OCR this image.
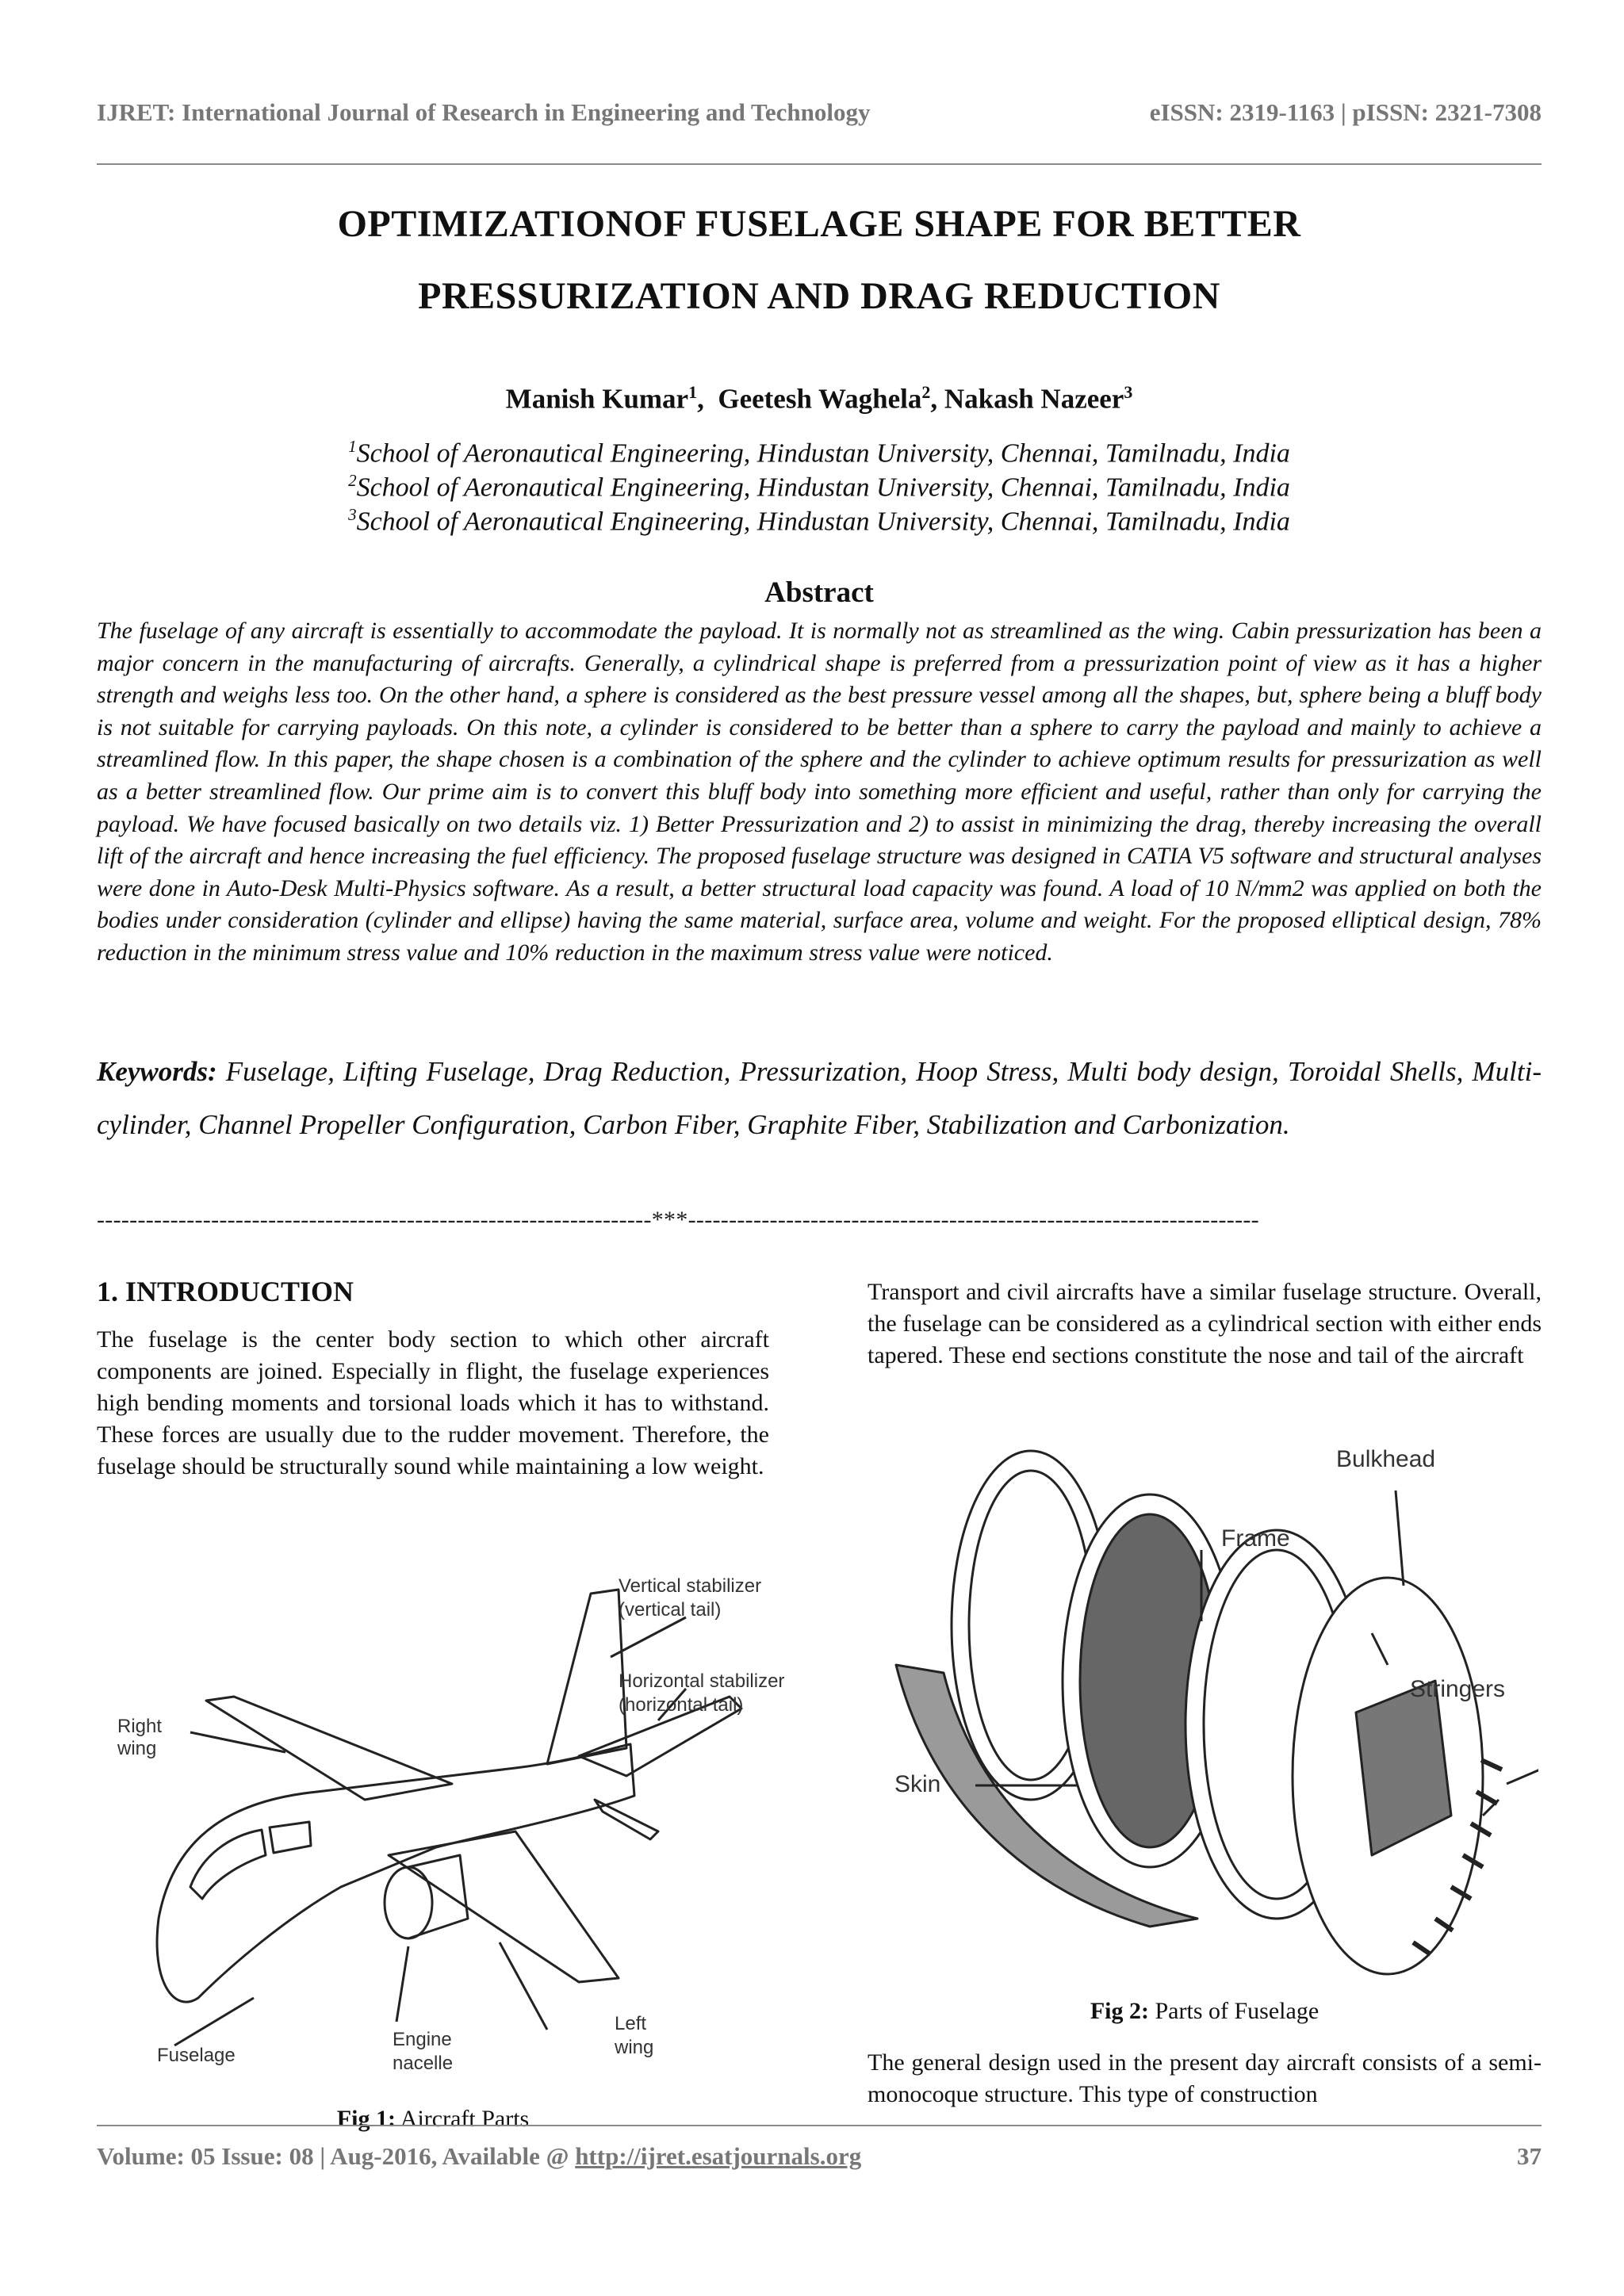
IJRET: International Journal of Research in Engineering and Technology	eISSN: 2319-1163 | pISSN: 2321-7308
OPTIMIZATIONOF FUSELAGE SHAPE FOR BETTER
PRESSURIZATION AND DRAG REDUCTION
Manish Kumar$^1$,  Geetesh Waghela$^2$, Nakash Nazeer$^3$
$^1$School of Aeronautical Engineering, Hindustan University, Chennai, Tamilnadu, India
$^2$School of Aeronautical Engineering, Hindustan University, Chennai, Tamilnadu, India
$^3$School of Aeronautical Engineering, Hindustan University, Chennai, Tamilnadu, India
Abstract

The fuselage of any aircraft is essentially to accommodate the payload. It is normally not as streamlined as the wing. Cabin pressurization has been a major concern in the manufacturing of aircrafts. Generally, a cylindrical shape is preferred from a pressurization point of view as it has a higher strength and weighs less too. On the other hand, a sphere is considered as the best pressure vessel among all the shapes, but, sphere being a bluff body is not suitable for carrying payloads. On this note, a cylinder is considered to be better than a sphere to carry the payload and mainly to achieve a streamlined flow. In this paper, the shape chosen is a combination of the sphere and the cylinder to achieve optimum results for pressurization as well as a better streamlined flow. Our prime aim is to convert this bluff body into something more efficient and useful, rather than only for carrying the payload. We have focused basically on two details viz. 1) Better Pressurization and 2) to assist in minimizing the drag, thereby increasing the overall lift of the aircraft and hence increasing the fuel efficiency. The proposed fuselage structure was designed in CATIA V5 software and structural analyses were done in Auto-Desk Multi-Physics software. As a result, a better structural load capacity was found. A load of 10 N/mm2 was applied on both the bodies under consideration (cylinder and ellipse) having the same material, surface area, volume and weight. For the proposed elliptical design, 78% reduction in the minimum stress value and 10% reduction in the maximum stress value were noticed.

Keywords: Fuselage, Lifting Fuselage, Drag Reduction, Pressurization, Hoop Stress, Multi body design, Toroidal Shells, Multi-cylinder, Channel Propeller Configuration, Carbon Fiber, Graphite Fiber, Stabilization and Carbonization.
--------------------------------------------------------------------***----------------------------------------------------------------------
1. INTRODUCTION

The fuselage is the center body section to which other aircraft components are joined. Especially in flight, the fuselage experiences high bending moments and torsional loads which it has to withstand. These forces are usually due to the rudder movement. Therefore, the fuselage should be structurally sound while maintaining a low weight.

Transport and civil aircrafts have a similar fuselage structure. Overall, the fuselage can be considered as a cylindrical section with either ends tapered. These end sections constitute the nose and tail of the aircraft

Vertical stabilizer
(vertical tail)
Horizontal stabilizer
(horizontal tail)
Right
wing
Left
wing
Engine
nacelle
Fuselage
Fig 1: Aircraft Parts
Bulkhead
Frame
Stringers
Skin
Fig 2: Parts of Fuselage

The general design used in the present day aircraft consists of a semi-monocoque structure. This type of construction

Volume: 05 Issue: 08 | Aug-2016, Available @ http://ijret.esatjournals.org	37
